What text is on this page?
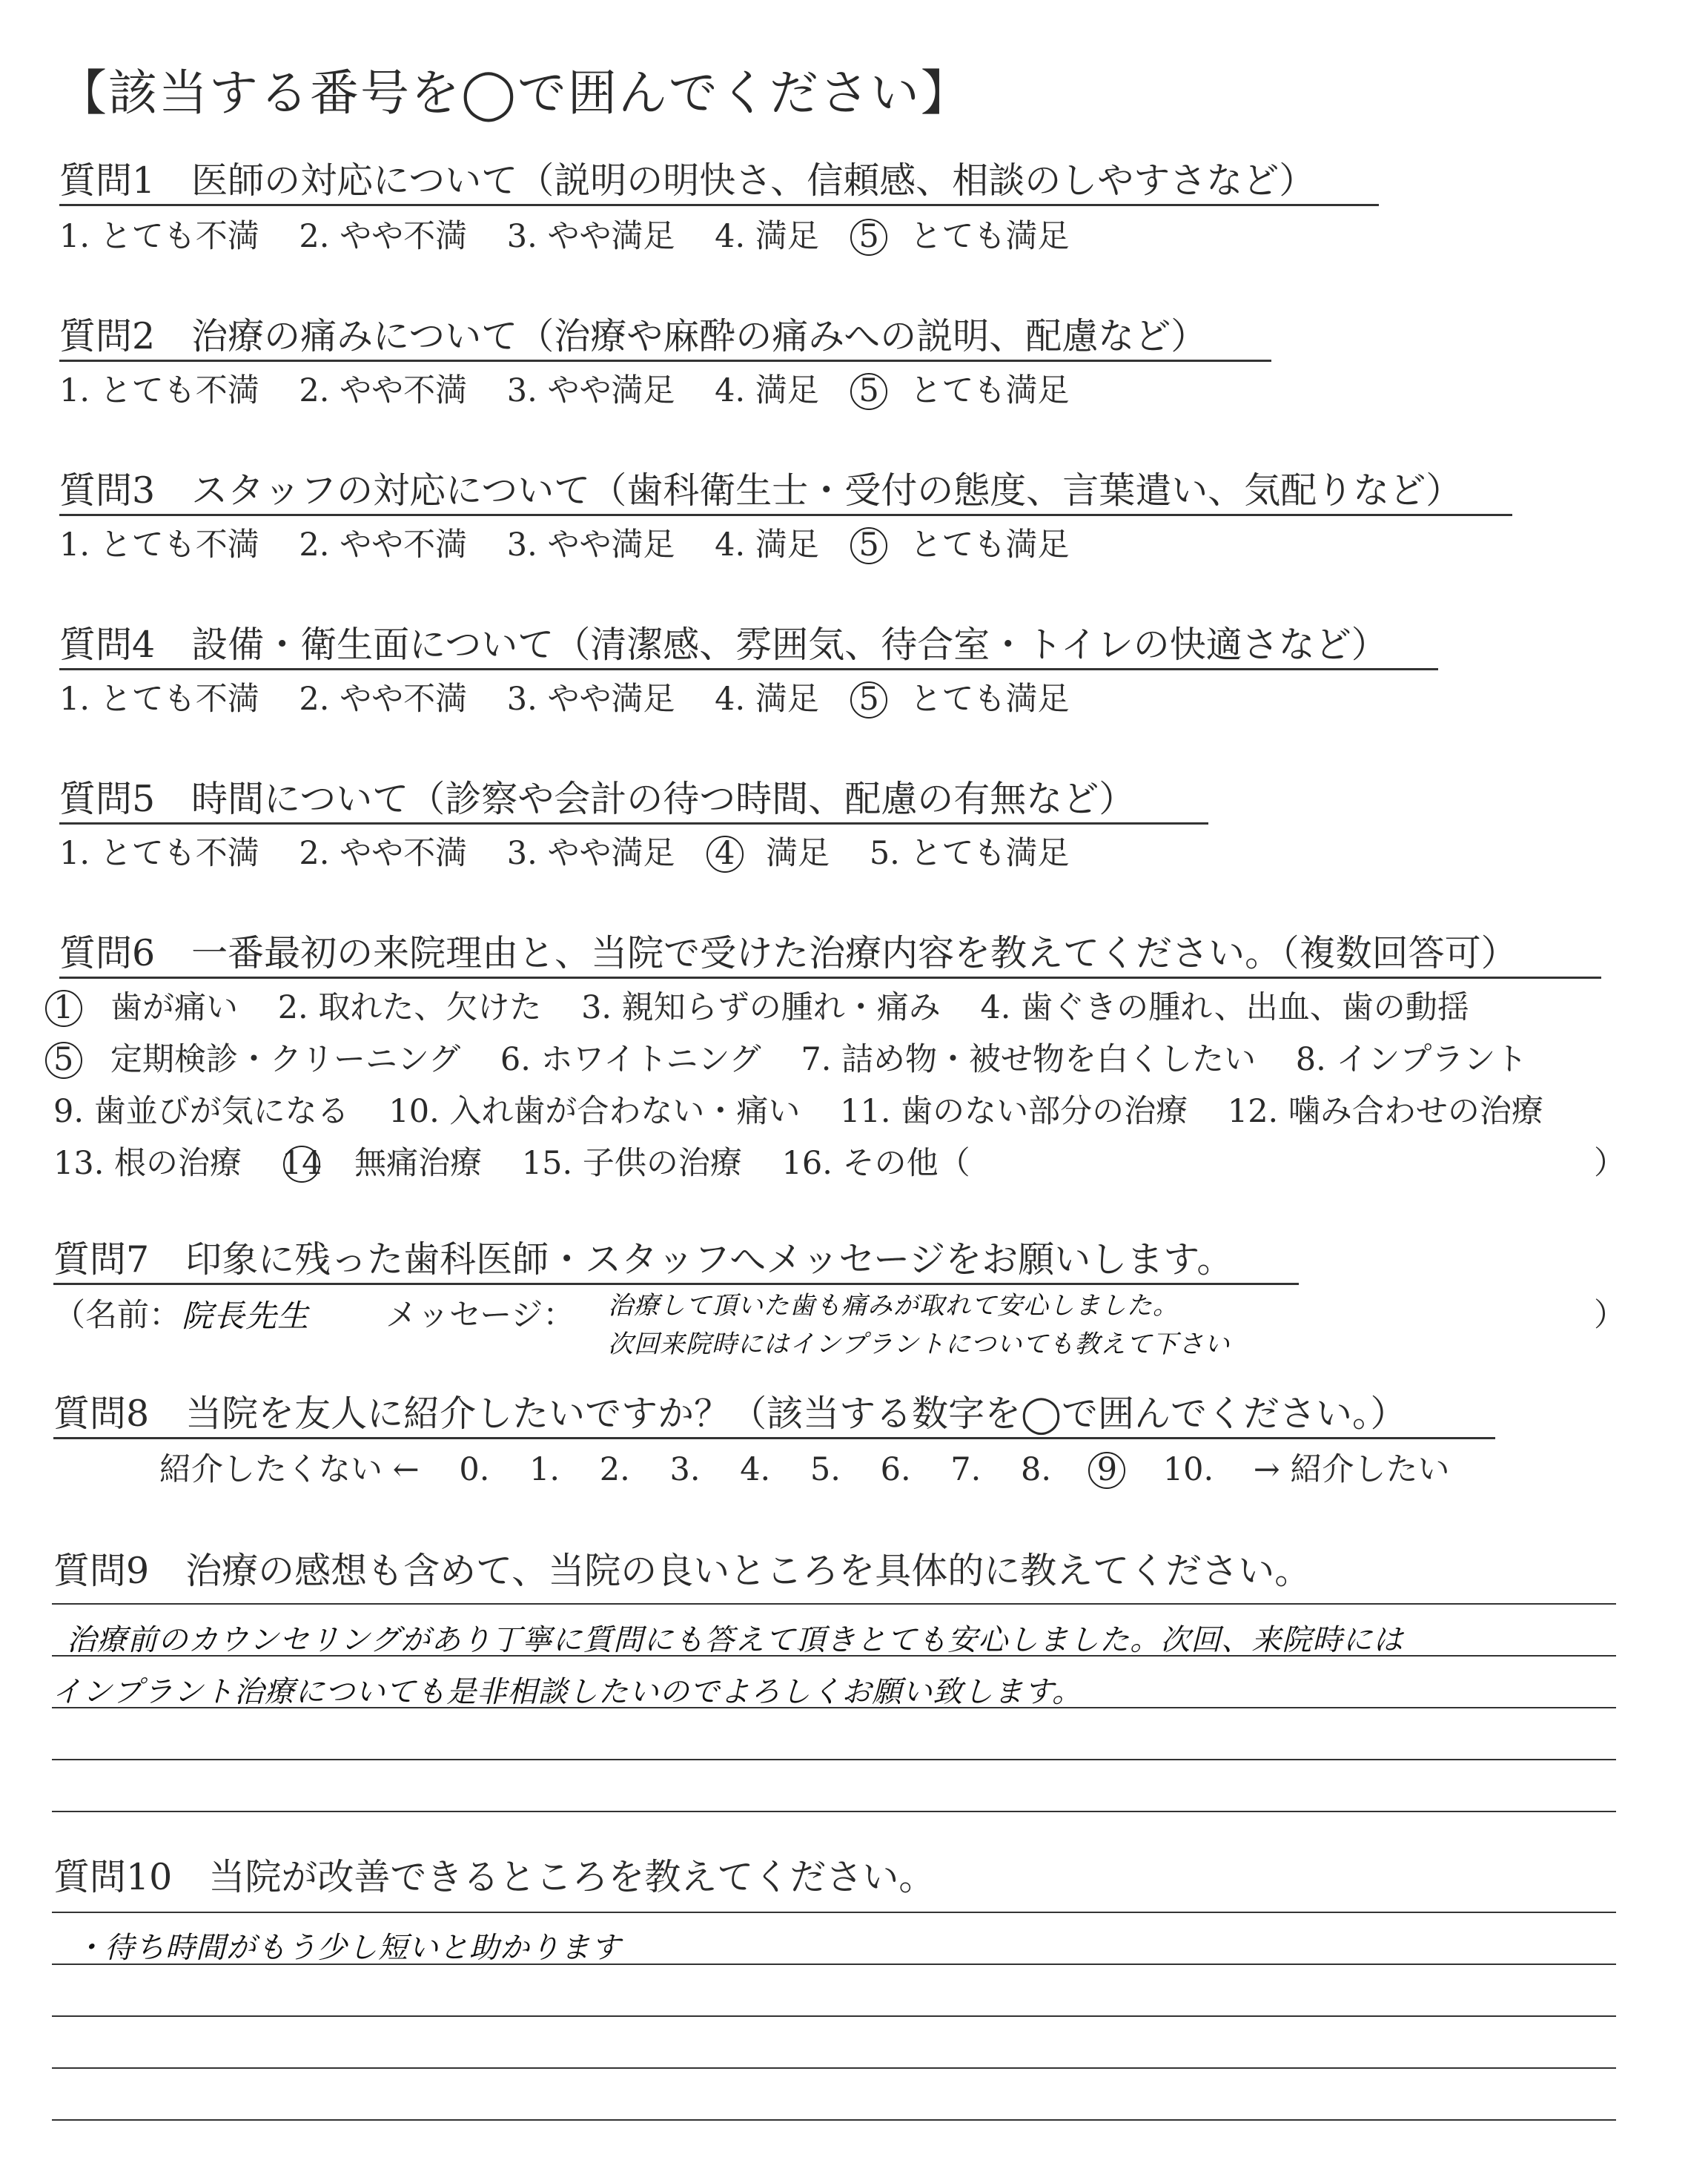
【該当する番号を◯で囲んでください】
質問1　医師の対応について（説明の明快さ、信頼感、相談のしやすさなど）
1. とても不満 2. やや不満 3. やや満足 4. 満足 5 とても満足
質問2　治療の痛みについて（治療や麻酔の痛みへの説明、配慮など）
1. とても不満 2. やや不満 3. やや満足 4. 満足 5 とても満足
質問3　スタッフの対応について（歯科衛生士・受付の態度、言葉遣い、気配りなど）
1. とても不満 2. やや不満 3. やや満足 4. 満足 5 とても満足
質問4　設備・衛生面について（清潔感、雰囲気、待合室・トイレの快適さなど）
1. とても不満 2. やや不満 3. やや満足 4. 満足 5 とても満足
質問5　時間について（診察や会計の待つ時間、配慮の有無など）
1. とても不満 2. やや不満 3. やや満足 4 満足 5. とても満足
質問6　一番最初の来院理由と、当院で受けた治療内容を教えてください。（複数回答可）
1 歯が痛い 2. 取れた、欠けた 3. 親知らずの腫れ・痛み 4. 歯ぐきの腫れ、出血、歯の動揺
5 定期検診・クリーニング 6. ホワイトニング 7. 詰め物・被せ物を白くしたい 8. インプラント
9. 歯並びが気になる 10. 入れ歯が合わない・痛い 11. 歯のない部分の治療 12. 噛み合わせの治療
13. 根の治療 14 無痛治療 15. 子供の治療 16. その他（	）
質問7　印象に残った歯科医師・スタッフへメッセージをお願いします。
（名前： 院長先生 メッセージ： 治療して頂いた歯も痛みが取れて安心しました。
次回来院時にはインプラントについても教えて下さい
）
質問8　当院を友人に紹介したいですか？（該当する数字を◯で囲んでください。）
紹介したくない ← 0. 1. 2. 3. 4. 5. 6. 7. 8. 9 10. → 紹介したい
質問9　治療の感想も含めて、当院の良いところを具体的に教えてください。
治療前のカウンセリングがあり丁寧に質問にも答えて頂きとても安心しました。次回、来院時には
インプラント治療についても是非相談したいのでよろしくお願い致します。
質問10　当院が改善できるところを教えてください。
・待ち時間がもう少し短いと助かります
